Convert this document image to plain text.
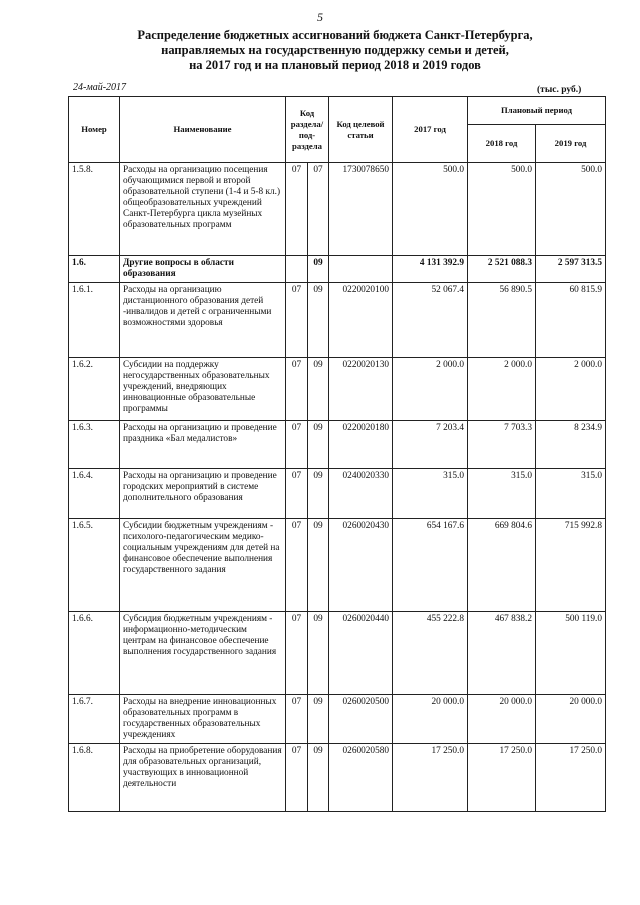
5
Распределение бюджетных ассигнований бюджета Санкт-Петербурга,
направляемых на государственную поддержку семьи и детей,
на 2017 год и на плановый период 2018 и 2019 годов
24-май-2017	(тыс. руб.)
Номер	Наименование	Код раздела/ под-раздела		Код целевой статьи	2017 год	Плановый период	
						2018 год	2019 год
1.5.8.	Расходы на организацию посещения обучающимися первой и второй образовательной ступени (1-4 и 5-8 кл.) общеобразовательных учреждений Санкт-Петербурга цикла музейных образовательных программ	07	07	1730078650	500.0	500.0	500.0
1.6.	Другие вопросы в области образования		09		4 131 392.9	2 521 088.3	2 597 313.5
1.6.1.	Расходы на организацию дистанционного образования детей -инвалидов и детей с ограниченными возможностями здоровья	07	09	0220020100	52 067.4	56 890.5	60 815.9
1.6.2.	Субсидии на поддержку негосударственных образовательных учреждений, внедряющих инновационные образовательные программы	07	09	0220020130	2 000.0	2 000.0	2 000.0
1.6.3.	Расходы на организацию и проведение праздника «Бал медалистов»	07	09	0220020180	7 203.4	7 703.3	8 234.9
1.6.4.	Расходы на организацию и проведение городских мероприятий в системе дополнительного образования	07	09	0240020330	315.0	315.0	315.0
1.6.5.	Субсидии бюджетным учреждениям - психолого-педагогическим медико-социальным учреждениям для детей на финансовое обеспечение выполнения государственного задания	07	09	0260020430	654 167.6	669 804.6	715 992.8
1.6.6.	Субсидия бюджетным учреждениям - информационно-методическим центрам на финансовое обеспечение выполнения государственного задания	07	09	0260020440	455 222.8	467 838.2	500 119.0
1.6.7.	Расходы на внедрение инновационных образовательных программ в государственных образовательных учреждениях	07	09	0260020500	20 000.0	20 000.0	20 000.0
1.6.8.	Расходы на приобретение оборудования для образовательных организаций, участвующих в инновационной деятельности	07	09	0260020580	17 250.0	17 250.0	17 250.0
